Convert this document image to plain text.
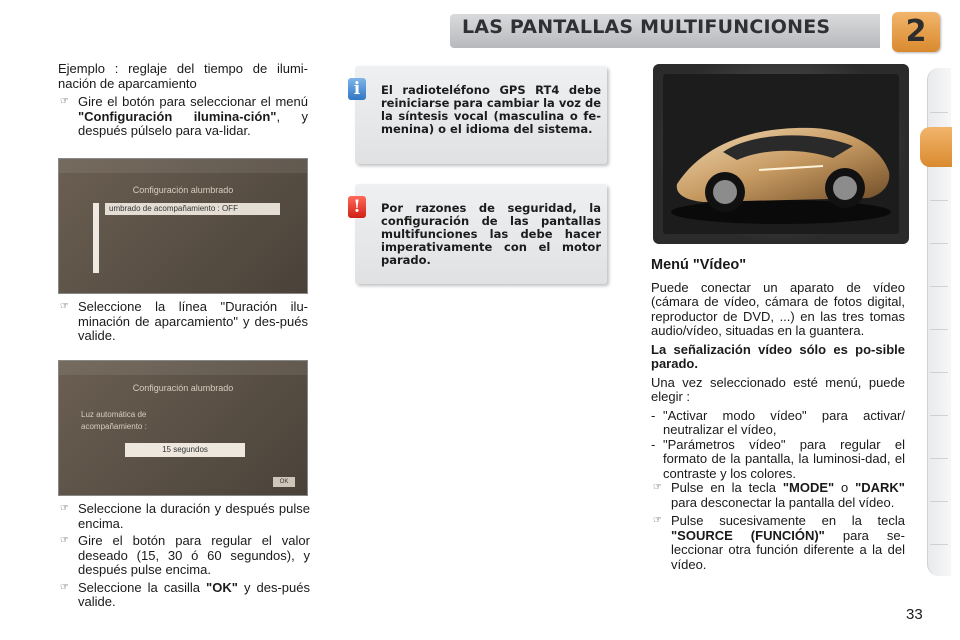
LAS PANTALLAS MULTIFUNCIONES	2

Ejemplo : reglaje del tiempo de ilumi-nación de aparcamiento

☞ Gire el botón para seleccionar el menú "Configuración ilumina-ción", y después púlselo para va-lidar.
Configuración alumbrado
umbrado de acompañamiento : OFF
☞ Seleccione la línea "Duración ilu-minación de aparcamiento" y des-pués valide.
Configuración alumbrado
Luz automática de
acompañamiento :
15 segundos
OK
☞ Seleccione la duración y después pulse encima.
☞ Gire el botón para regular el valor deseado (15, 30 ó 60 segundos), y después pulse encima.
☞ Seleccione la casilla "OK" y des-pués valide.
El radioteléfono GPS RT4 debe reiniciarse para cambiar la voz de la síntesis vocal (masculina o fe-menina) o el idioma del sistema.
i
Por razones de seguridad, la configuración de las pantallas multifunciones las debe hacer imperativamente con el motor parado.
!
Menú "Vídeo"

Puede conectar un aparato de vídeo (cámara de vídeo, cámara de fotos digital, reproductor de DVD, ...) en las tres tomas audio/vídeo, situadas en la guantera.

La señalización vídeo sólo es po-sible parado.

Una vez seleccionado esté menú, puede elegir :

- "Activar modo vídeo" para activar/ neutralizar el vídeo,
- "Parámetros vídeo" para regular el formato de la pantalla, la luminosi-dad, el contraste y los colores.
☞ Pulse en la tecla "MODE" o "DARK" para desconectar la pantalla del vídeo.
☞ Pulse sucesivamente en la tecla "SOURCE (FUNCIÓN)" para se-leccionar otra función diferente a la del vídeo.
33
